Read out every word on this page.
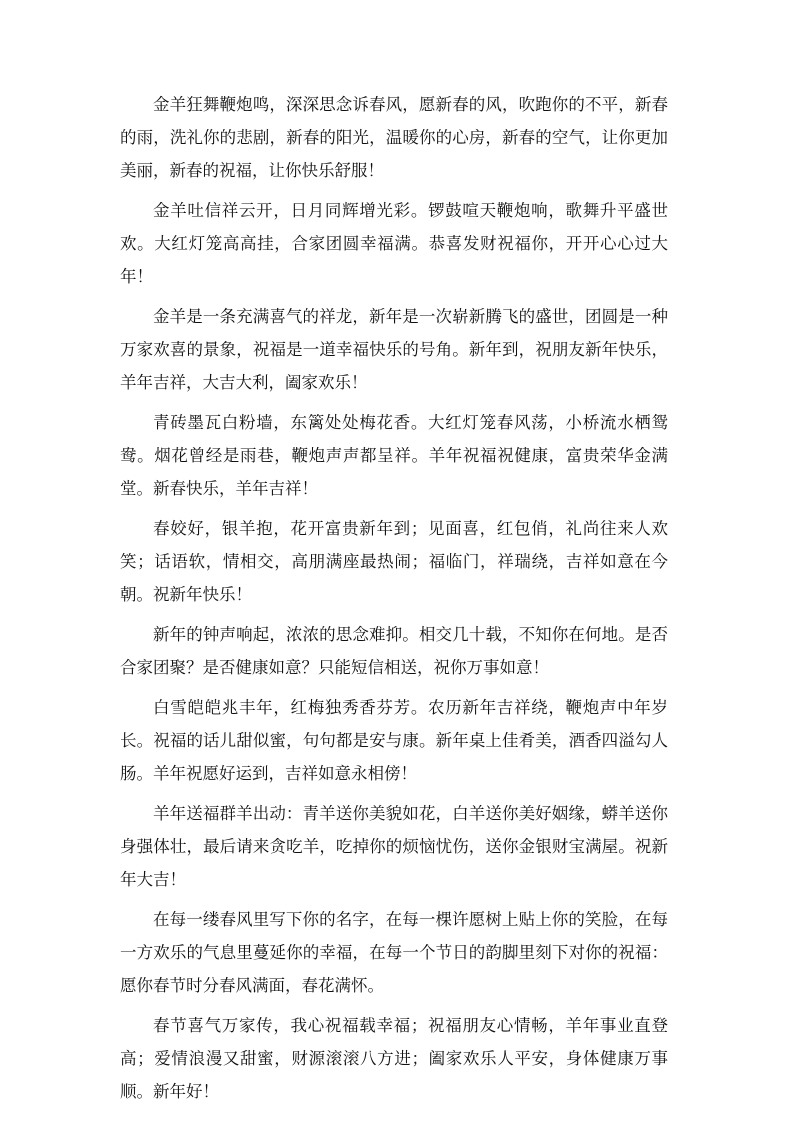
金羊狂舞鞭炮鸣，深深思念诉春风，愿新春的风，吹跑你的不平，新春的雨，洗礼你的悲剧，新春的阳光，温暖你的心房，新春的空气，让你更加美丽，新春的祝福，让你快乐舒服！

金羊吐信祥云开，日月同辉增光彩。锣鼓喧天鞭炮响，歌舞升平盛世欢。大红灯笼高高挂，合家团圆幸福满。恭喜发财祝福你，开开心心过大年！

金羊是一条充满喜气的祥龙，新年是一次崭新腾飞的盛世，团圆是一种万家欢喜的景象，祝福是一道幸福快乐的号角。新年到，祝朋友新年快乐，羊年吉祥，大吉大利，阖家欢乐！

青砖墨瓦白粉墙，东篱处处梅花香。大红灯笼春风荡，小桥流水栖鸳鸯。烟花曾经是雨巷，鞭炮声声都呈祥。羊年祝福祝健康，富贵荣华金满堂。新春快乐，羊年吉祥！

春姣好，银羊抱，花开富贵新年到；见面喜，红包俏，礼尚往来人欢笑；话语软，情相交，高朋满座最热闹；福临门，祥瑞绕，吉祥如意在今朝。祝新年快乐！

新年的钟声响起，浓浓的思念难抑。相交几十载，不知你在何地。是否合家团聚？是否健康如意？只能短信相送，祝你万事如意！

白雪皑皑兆丰年，红梅独秀香芬芳。农历新年吉祥绕，鞭炮声中年岁长。祝福的话儿甜似蜜，句句都是安与康。新年桌上佳肴美，酒香四溢勾人肠。羊年祝愿好运到，吉祥如意永相傍！

羊年送福群羊出动：青羊送你美貌如花，白羊送你美好姻缘，蟒羊送你身强体壮，最后请来贪吃羊，吃掉你的烦恼忧伤，送你金银财宝满屋。祝新年大吉！

在每一缕春风里写下你的名字，在每一棵许愿树上贴上你的笑脸，在每一方欢乐的气息里蔓延你的幸福，在每一个节日的韵脚里刻下对你的祝福：愿你春节时分春风满面，春花满怀。

春节喜气万家传，我心祝福载幸福；祝福朋友心情畅，羊年事业直登高；爱情浪漫又甜蜜，财源滚滚八方进；阖家欢乐人平安，身体健康万事顺。新年好！
